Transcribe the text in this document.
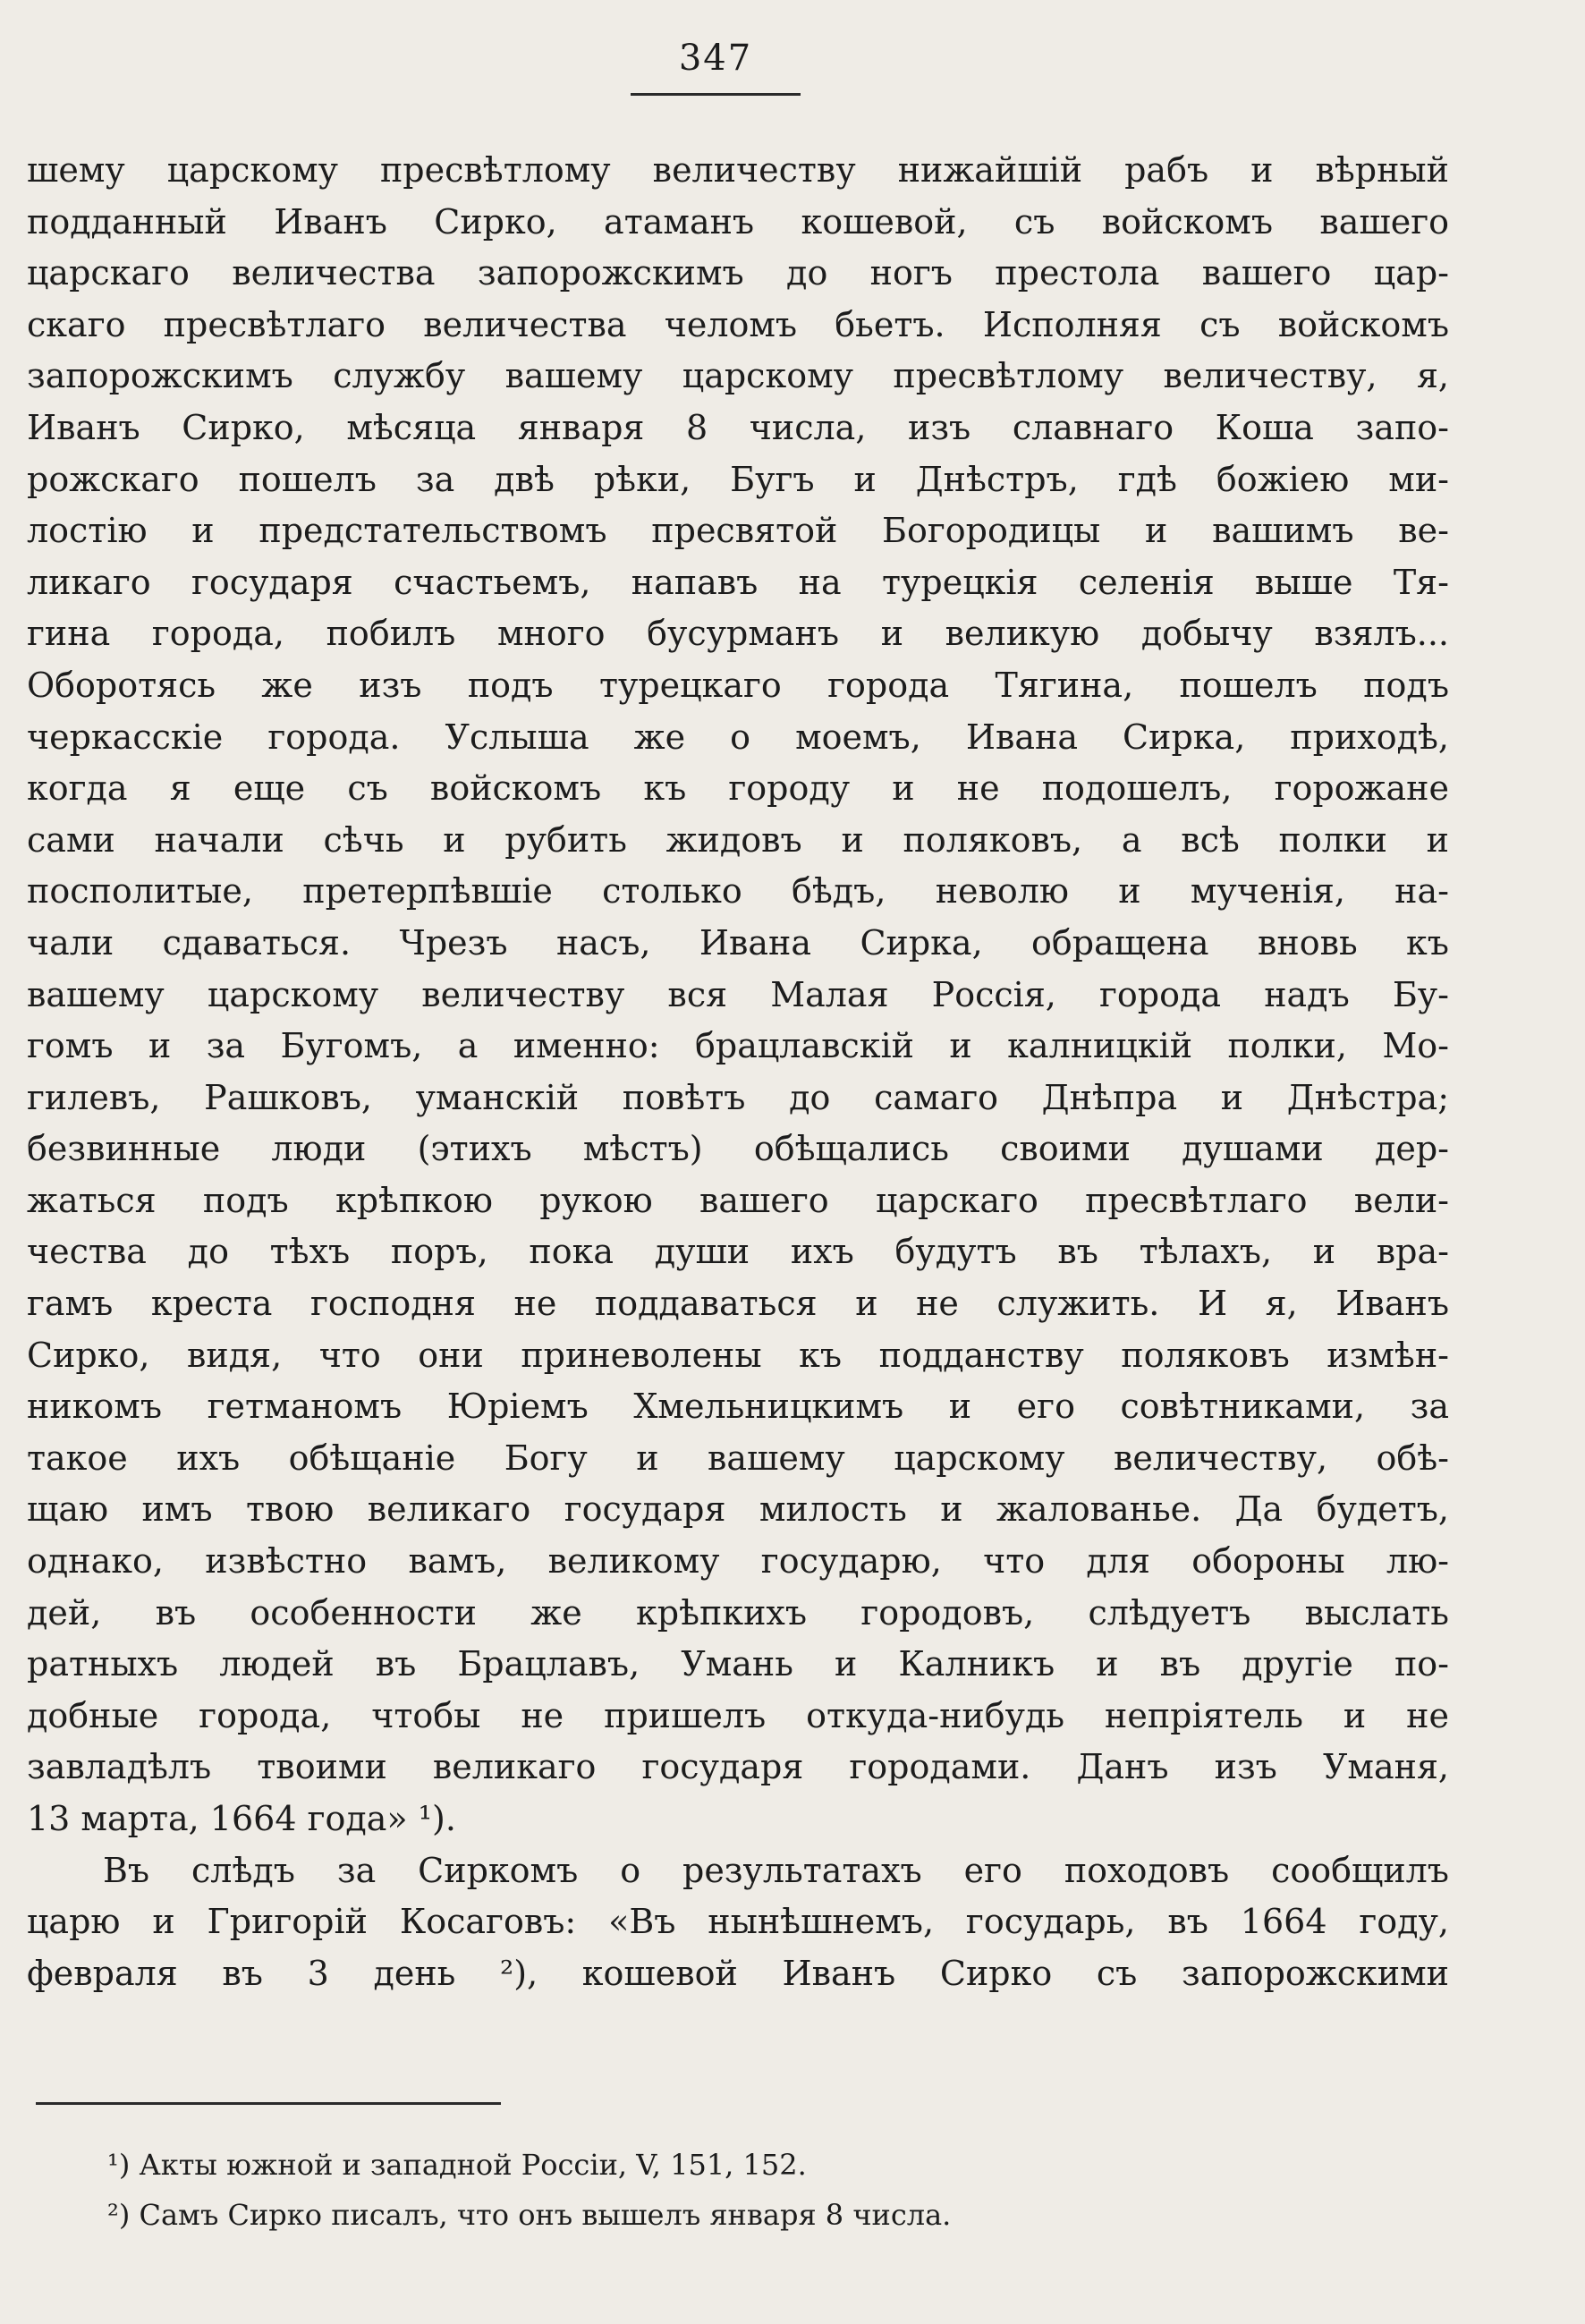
347
шему царскому пресвѣтлому величеству нижайшій рабъ и вѣрный
подданный Иванъ Сирко, атаманъ кошевой, съ войскомъ вашего
царскаго величества запорожскимъ до ногъ престола вашего цар-
скаго пресвѣтлаго величества челомъ бьетъ. Исполняя съ войскомъ
запорожскимъ службу вашему царскому пресвѣтлому величеству, я,
Иванъ Сирко, мѣсяца января 8 числа, изъ славнаго Коша запо-
рожскаго пошелъ за двѣ рѣки, Бугъ и Днѣстръ, гдѣ божіею ми-
лостію и предстательствомъ пресвятой Богородицы и вашимъ ве-
ликаго государя счастьемъ, напавъ на турецкія селенія выше Тя-
гина города, побилъ много бусурманъ и великую добычу взялъ...
Оборотясь же изъ подъ турецкаго города Тягина, пошелъ подъ
черкасскіе города. Услыша же о моемъ, Ивана Сирка, приходѣ,
когда я еще съ войскомъ къ городу и не подошелъ, горожане
сами начали сѣчь и рубить жидовъ и поляковъ, а всѣ полки и
посполитые, претерпѣвшіе столько бѣдъ, неволю и мученія, на-
чали сдаваться. Чрезъ насъ, Ивана Сирка, обращена вновь къ
вашему царскому величеству вся Малая Россія, города надъ Бу-
гомъ и за Бугомъ, а именно: брацлавскій и калницкій полки, Мо-
гилевъ, Рашковъ, уманскій повѣтъ до самаго Днѣпра и Днѣстра;
безвинные люди (этихъ мѣстъ) обѣщались своими душами дер-
жаться подъ крѣпкою рукою вашего царскаго пресвѣтлаго вели-
чества до тѣхъ поръ, пока души ихъ будутъ въ тѣлахъ, и вра-
гамъ креста господня не поддаваться и не служить. И я, Иванъ
Сирко, видя, что они приневолены къ подданству поляковъ измѣн-
никомъ гетманомъ Юріемъ Хмельницкимъ и его совѣтниками, за
такое ихъ обѣщаніе Богу и вашему царскому величеству, обѣ-
щаю имъ твою великаго государя милость и жалованье. Да будетъ,
однако, извѣстно вамъ, великому государю, что для обороны лю-
дей, въ особенности же крѣпкихъ городовъ, слѣдуетъ выслать
ратныхъ людей въ Брацлавъ, Умань и Калникъ и въ другіе по-
добные города, чтобы не пришелъ откуда-нибудь непріятель и не
завладѣлъ твоими великаго государя городами. Данъ изъ Уманя,
13 марта, 1664 года» ¹).
Въ слѣдъ за Сиркомъ о результатахъ его походовъ сообщилъ
царю и Григорій Косаговъ: «Въ нынѣшнемъ, государь, въ 1664 году,
февраля въ 3 день ²), кошевой Иванъ Сирко съ запорожскими
¹) Акты южной и западной Россіи, V, 151, 152.
²) Самъ Сирко писалъ, что онъ вышелъ января 8 числа.
